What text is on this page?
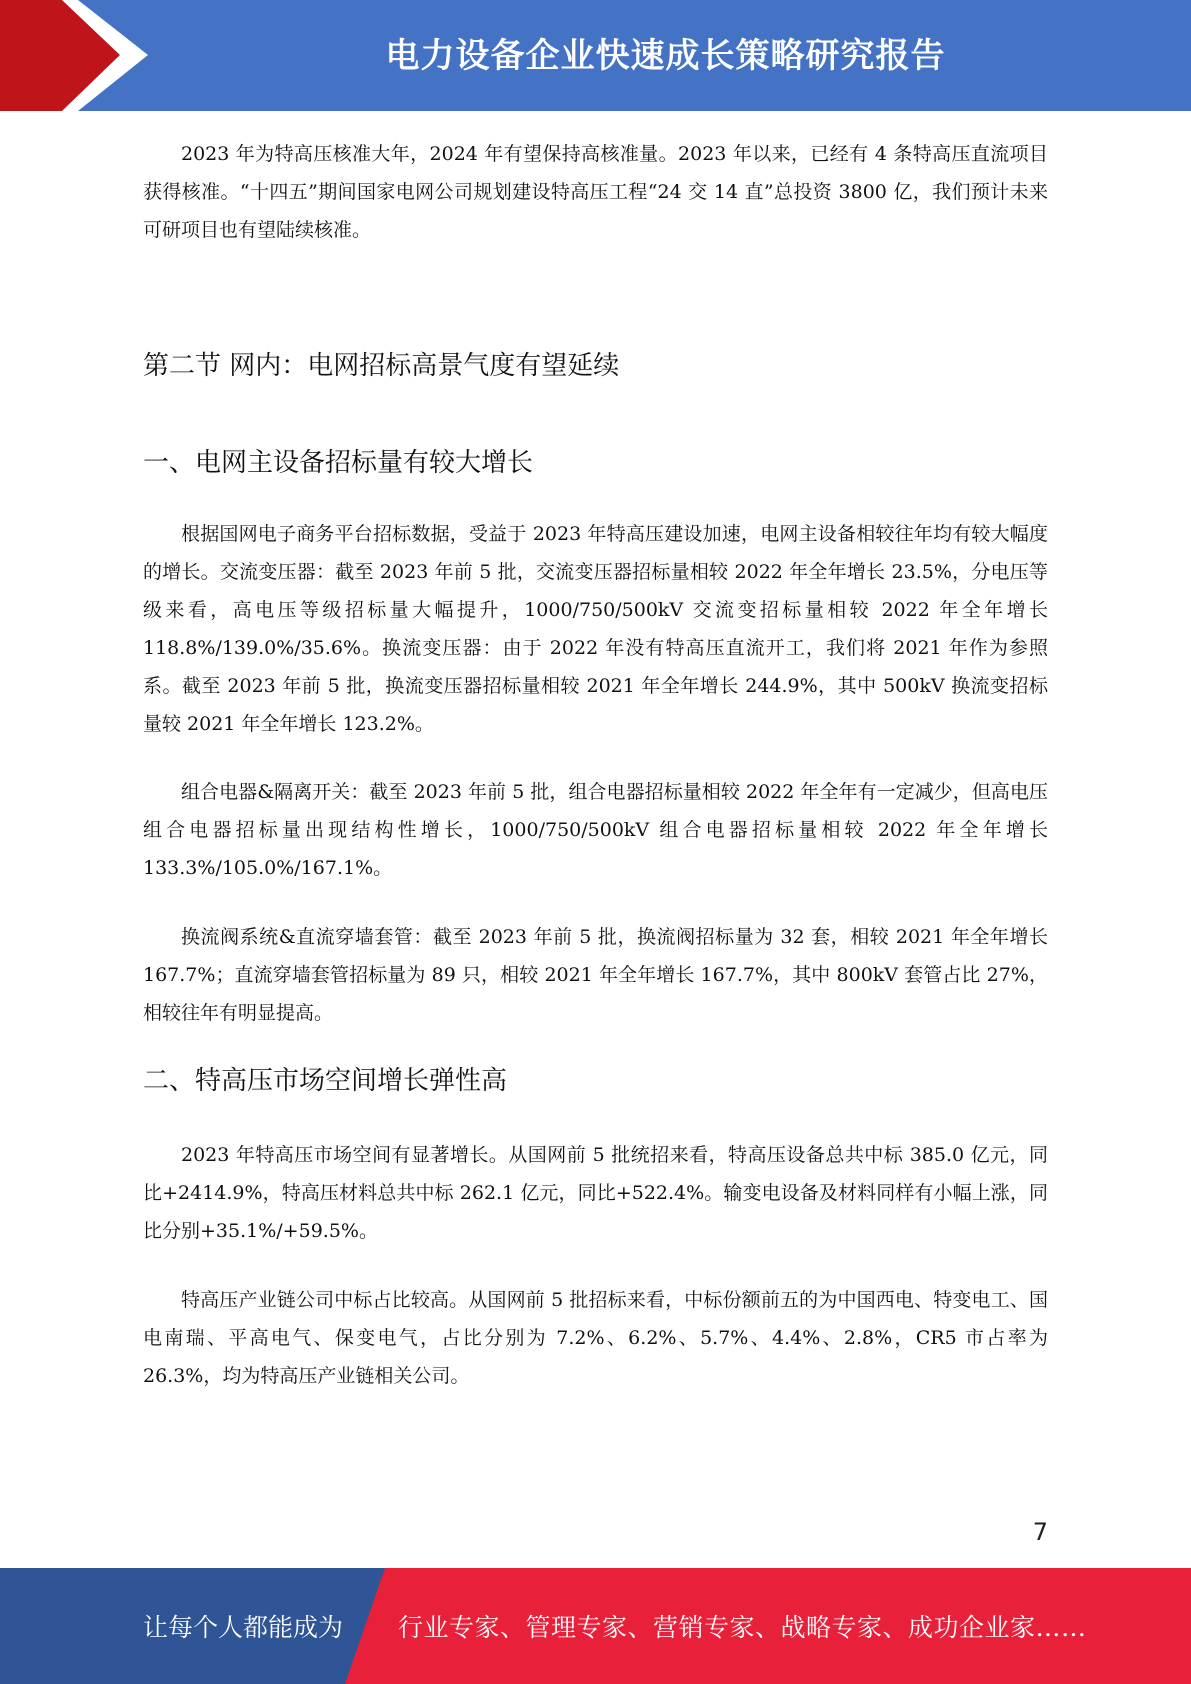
电力设备企业快速成长策略研究报告

2023 年为特高压核准大年，2024 年有望保持高核准量。2023 年以来，已经有 4 条特高压直流项目获得核准。“十四五”期间国家电网公司规划建设特高压工程“24 交 14 直”总投资 3800 亿，我们预计未来可研项目也有望陆续核准。

第二节 网内：电网招标高景气度有望延续
一、电网主设备招标量有较大增长

根据国网电子商务平台招标数据，受益于 2023 年特高压建设加速，电网主设备相较往年均有较大幅度的增长。交流变压器：截至 2023 年前 5 批，交流变压器招标量相较 2022 年全年增长 23.5%，分电压等级来看，高电压等级招标量大幅提升，1000/750/500kV 交流变招标量相较 2022 年全年增长 118.8%/139.0%/35.6%。换流变压器：由于 2022 年没有特高压直流开工，我们将 2021 年作为参照系。截至 2023 年前 5 批，换流变压器招标量相较 2021 年全年增长 244.9%，其中 500kV 换流变招标量较 2021 年全年增长 123.2%。

组合电器&隔离开关：截至 2023 年前 5 批，组合电器招标量相较 2022 年全年有一定减少，但高电压组合电器招标量出现结构性增长，1000/750/500kV 组合电器招标量相较 2022 年全年增长 133.3%/105.0%/167.1%。

换流阀系统&直流穿墙套管：截至 2023 年前 5 批，换流阀招标量为 32 套，相较 2021 年全年增长 167.7%；直流穿墙套管招标量为 89 只，相较 2021 年全年增长 167.7%，其中 800kV 套管占比 27%，相较往年有明显提高。

二、特高压市场空间增长弹性高

2023 年特高压市场空间有显著增长。从国网前 5 批统招来看，特高压设备总共中标 385.0 亿元，同比+2414.9%，特高压材料总共中标 262.1 亿元，同比+522.4%。输变电设备及材料同样有小幅上涨，同比分别+35.1%/+59.5%。

特高压产业链公司中标占比较高。从国网前 5 批招标来看，中标份额前五的为中国西电、特变电工、国电南瑞、平高电气、保变电气，占比分别为 7.2%、6.2%、5.7%、4.4%、2.8%，CR5 市占率为 26.3%，均为特高压产业链相关公司。

7
让每个人都能成为 行业专家、管理专家、营销专家、战略专家、成功企业家……
